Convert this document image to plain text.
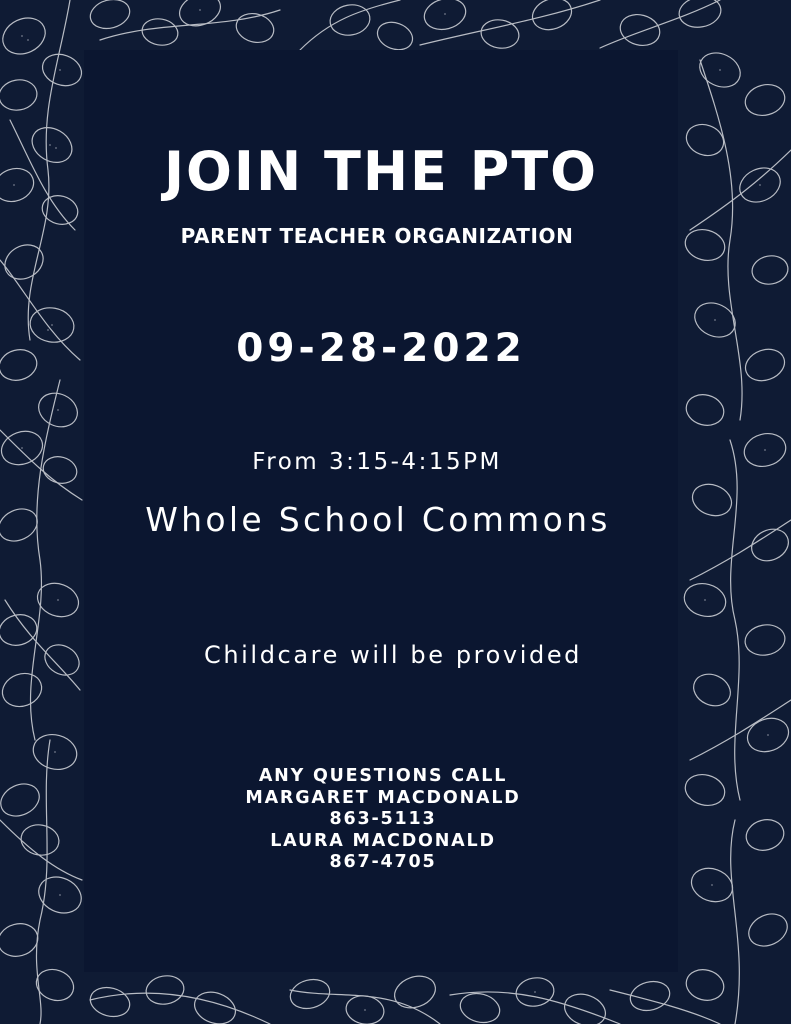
JOIN THE PTO
PARENT TEACHER ORGANIZATION
09-28-2022
From 3:15-4:15PM
Whole School Commons
Childcare will be provided
ANY QUESTIONS CALL
MARGARET MACDONALD
863-5113
LAURA MACDONALD
867-4705
